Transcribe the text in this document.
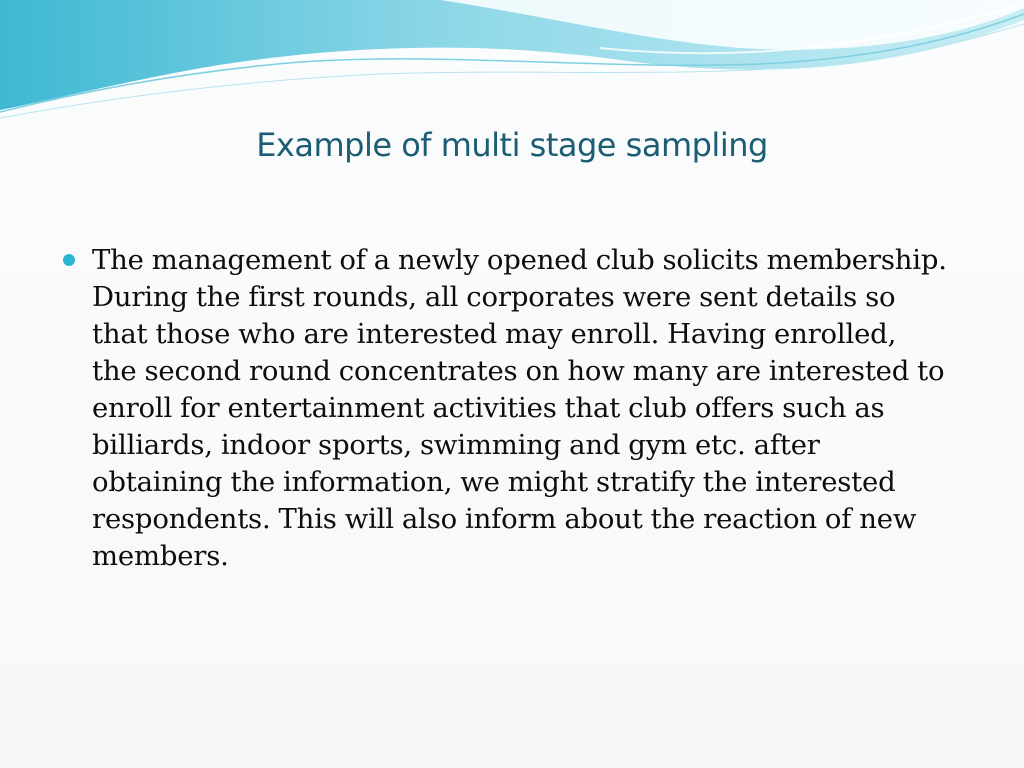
Example of multi stage sampling
The management of a newly opened club solicits membership. During the first rounds, all corporates were sent details so that those who are interested may enroll. Having enrolled, the second round concentrates on how many are interested to enroll for entertainment activities that club offers such as billiards, indoor sports, swimming and gym etc. after obtaining the information, we might stratify the interested respondents. This will also inform about the reaction of new members.
